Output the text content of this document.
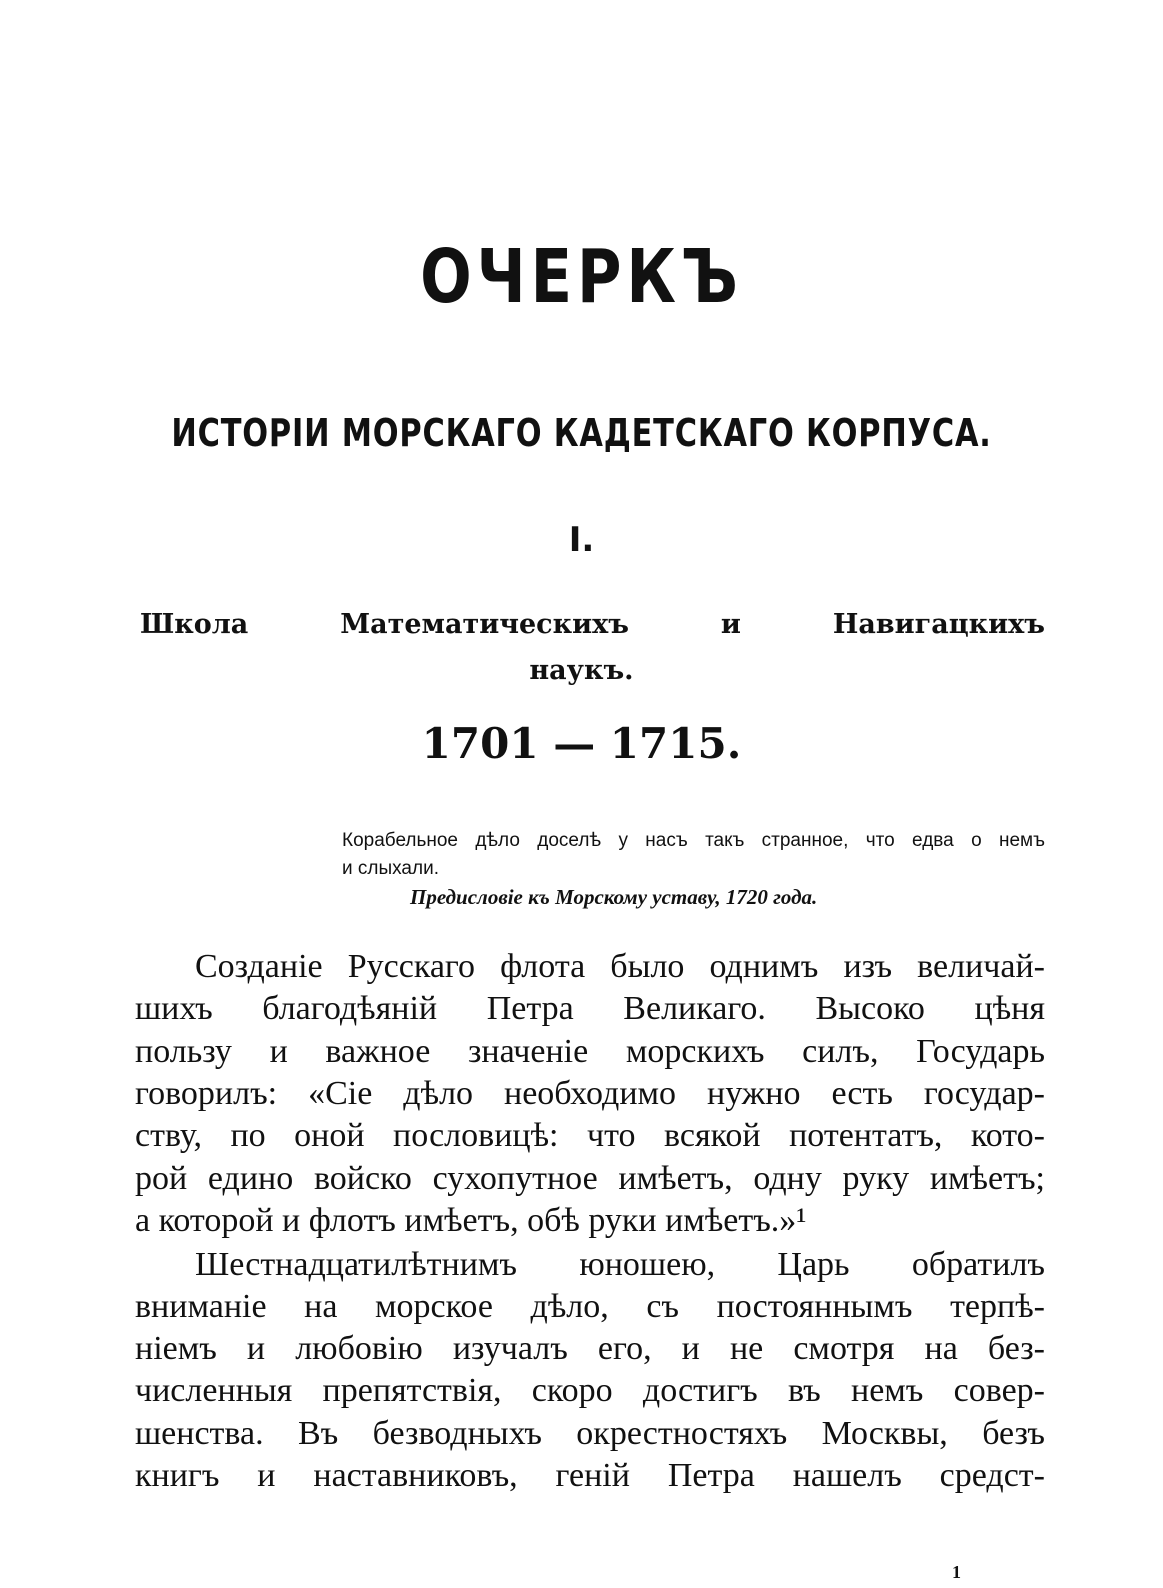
ОЧЕРКЪ
ИСТОРІИ МОРСКАГО КАДЕТСКАГО КОРПУСА.
I.
Школа Математическихъ и Навигацкихъ
наукъ.
1701 — 1715.
Корабельное дѣло доселѣ у насъ такъ странное, что едва о немъ
и слыхали.
Предисловіе къ Морскому уставу, 1720 года.
Созданіе Русскаго флота было однимъ изъ величай-
шихъ благодѣяній Петра Великаго. Высоко цѣня
пользу и важное значеніе морскихъ силъ, Государь
говорилъ: «Сіе дѣло необходимо нужно есть государ-
ству, по оной пословицѣ: что всякой потентатъ, кото-
рой едино войско сухопутное имѣетъ, одну руку имѣетъ;
а которой и флотъ имѣетъ, обѣ руки имѣетъ.»¹
Шестнадцатилѣтнимъ юношею, Царь обратилъ
вниманіе на морское дѣло, съ постояннымъ терпѣ-
ніемъ и любовію изучалъ его, и не смотря на без-
численныя препятствія, скоро достигъ въ немъ совер-
шенства. Въ безводныхъ окрестностяхъ Москвы, безъ
книгъ и наставниковъ, геній Петра нашелъ средст-
1
